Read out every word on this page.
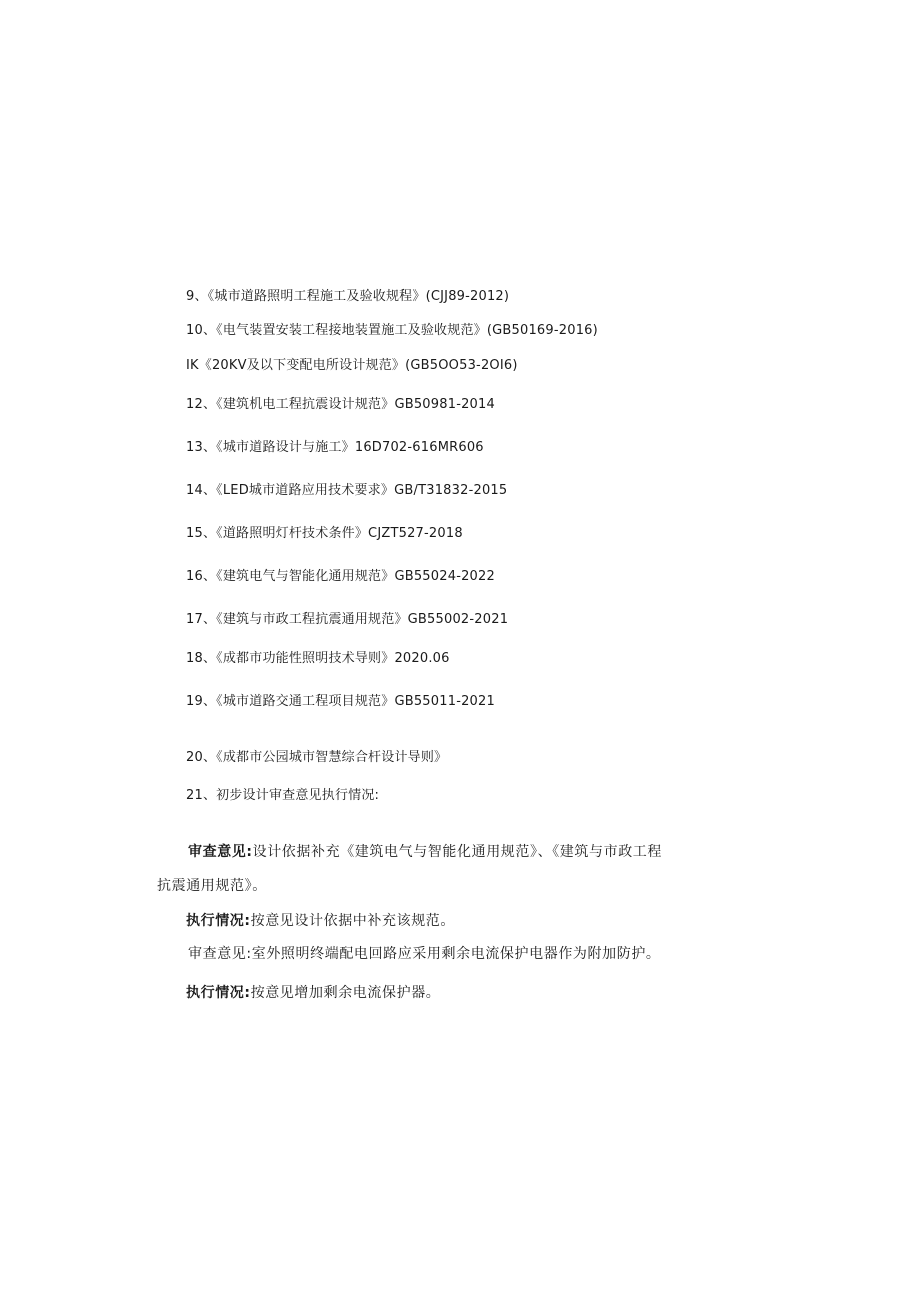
9、《城市道路照明工程施工及验收规程》(CJJ89-2012)
10、《电气装置安装工程接地装置施工及验收规范》(GB50169-2016)
IK《20KV及以下变配电所设计规范》(GB5OO53-2OI6)
12、《建筑机电工程抗震设计规范》GB50981-2014
13、《城市道路设计与施工》16D702-616MR606
14、《LED城市道路应用技术要求》GB/T31832-2015
15、《道路照明灯杆技术条件》CJZT527-2018
16、《建筑电气与智能化通用规范》GB55024-2022
17、《建筑与市政工程抗震通用规范》GB55002-2021
18、《成都市功能性照明技术导则》2020.06
19、《城市道路交通工程项目规范》GB55011-2021
20、《成都市公园城市智慧综合杆设计导则》
21、初步设计审查意见执行情况:
审查意见:设计依据补充《建筑电气与智能化通用规范》、《建筑与市政工程
抗震通用规范》。
执行情况:按意见设计依据中补充该规范。
审查意见:室外照明终端配电回路应采用剩余电流保护电器作为附加防护。
执行情况:按意见增加剩余电流保护器。
